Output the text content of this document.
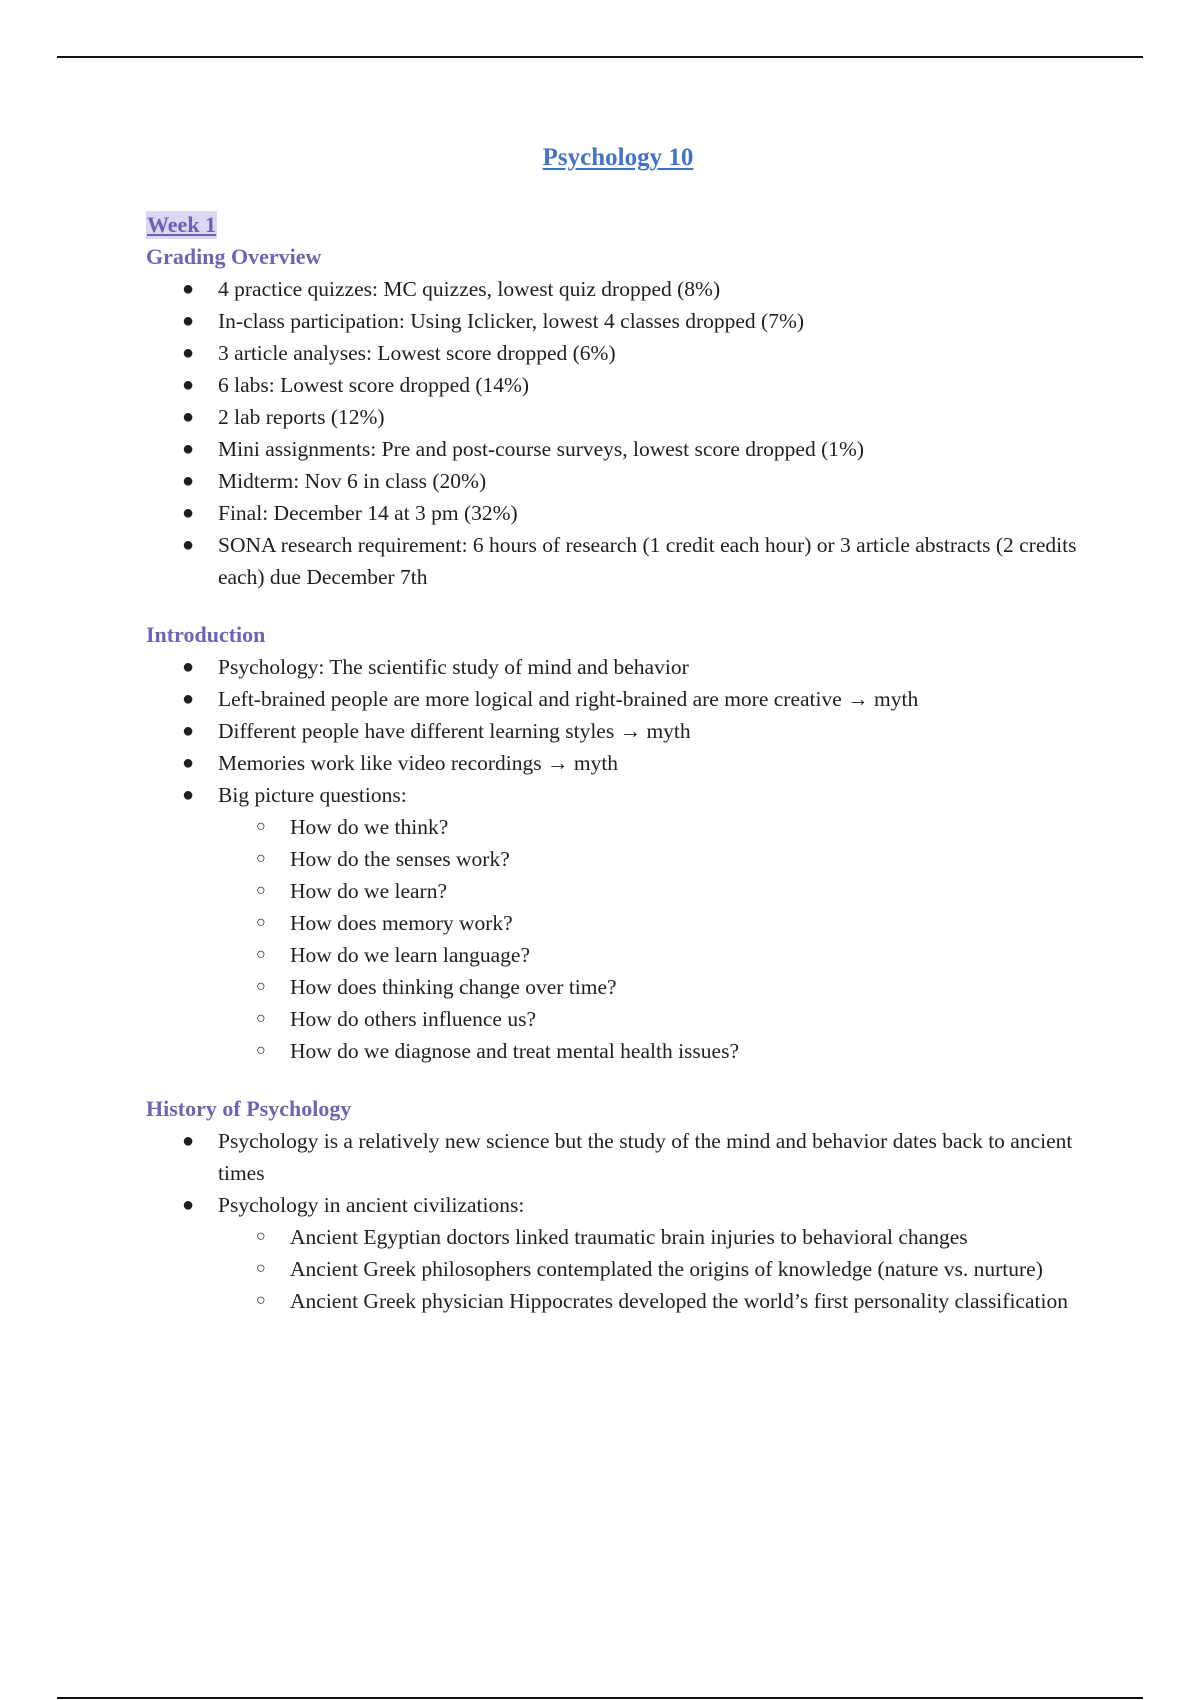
Psychology 10
Week 1
Grading Overview
● 4 practice quizzes: MC quizzes, lowest quiz dropped (8%)
● In-class participation: Using Iclicker, lowest 4 classes dropped (7%)
● 3 article analyses: Lowest score dropped (6%)
● 6 labs: Lowest score dropped (14%)
● 2 lab reports (12%)
● Mini assignments: Pre and post-course surveys, lowest score dropped (1%)
● Midterm: Nov 6 in class (20%)
● Final: December 14 at 3 pm (32%)
● SONA research requirement: 6 hours of research (1 credit each hour) or 3 article abstracts (2 credits each) due December 7th
Introduction
● Psychology: The scientific study of mind and behavior
● Left-brained people are more logical and right-brained are more creative → myth
● Different people have different learning styles → myth
● Memories work like video recordings → myth
● Big picture questions:
○ How do we think?
○ How do the senses work?
○ How do we learn?
○ How does memory work?
○ How do we learn language?
○ How does thinking change over time?
○ How do others influence us?
○ How do we diagnose and treat mental health issues?
History of Psychology
● Psychology is a relatively new science but the study of the mind and behavior dates back to ancient times
● Psychology in ancient civilizations:
○ Ancient Egyptian doctors linked traumatic brain injuries to behavioral changes
○ Ancient Greek philosophers contemplated the origins of knowledge (nature vs. nurture)
○ Ancient Greek physician Hippocrates developed the world’s first personality classification
